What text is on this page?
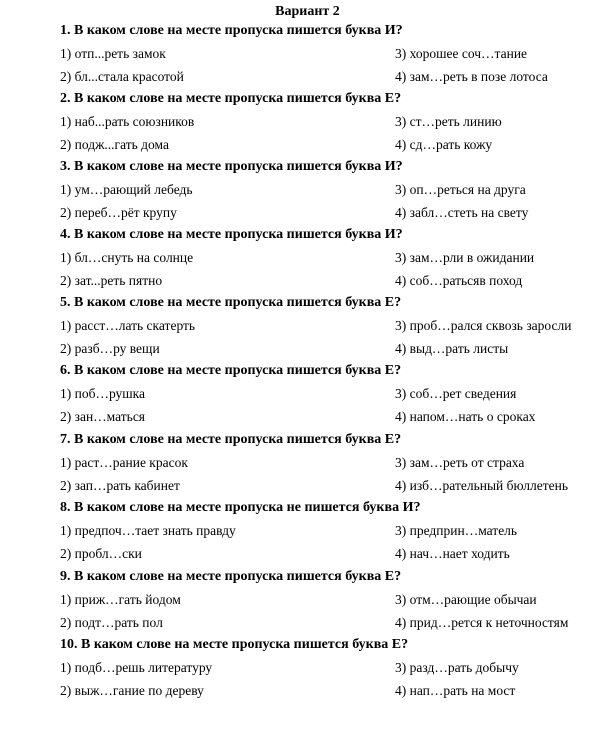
Вариант 2
1. В каком слове на месте пропуска пишется буква И?
1) отп...реть замок	3) хорошее соч…тание
2) бл...стала красотой	4) зам…реть в позе лотоса
2. В каком слове на месте пропуска пишется буква Е?
1) наб...рать союзников	3) ст…реть линию
2) подж...гать дома	4) сд…рать кожу
3. В каком слове на месте пропуска пишется буква И?
1) ум…рающий лебедь	3) оп…реться на друга
2) переб…рёт крупу	4) забл…стеть на свету
4. В каком слове на месте пропуска пишется буква И?
1) бл…снуть на солнце	3) зам…рли в ожидании
2) зат...реть пятно	4) соб…ратьсяв поход
5. В каком слове на месте пропуска пишется буква Е?
1) расст…лать скатерть	3) проб…рался сквозь заросли
2) разб…ру вещи	4) выд…рать листы
6. В каком слове на месте пропуска пишется буква Е?
1) поб…рушка	3) соб…рет сведения
2) зан…маться	4) напом…нать о сроках
7. В каком слове на месте пропуска пишется буква Е?
1) раст…рание красок	3) зам…реть от страха
2) зап…рать кабинет	4) изб…рательный бюллетень
8. В каком слове на месте пропуска не пишется буква И?
1) предпоч…тает знать правду	3) предприн…матель
2) пробл…ски	4) нач…нает ходить
9. В каком слове на месте пропуска пишется буква Е?
1) приж…гать йодом	3) отм…рающие обычаи
2) подт…рать пол	4) прид…рется к неточностям
10. В каком слове на месте пропуска пишется буква Е?
1) подб…решь литературу	3) разд…рать добычу
2) выж…гание по дереву	4) нап…рать на мост
